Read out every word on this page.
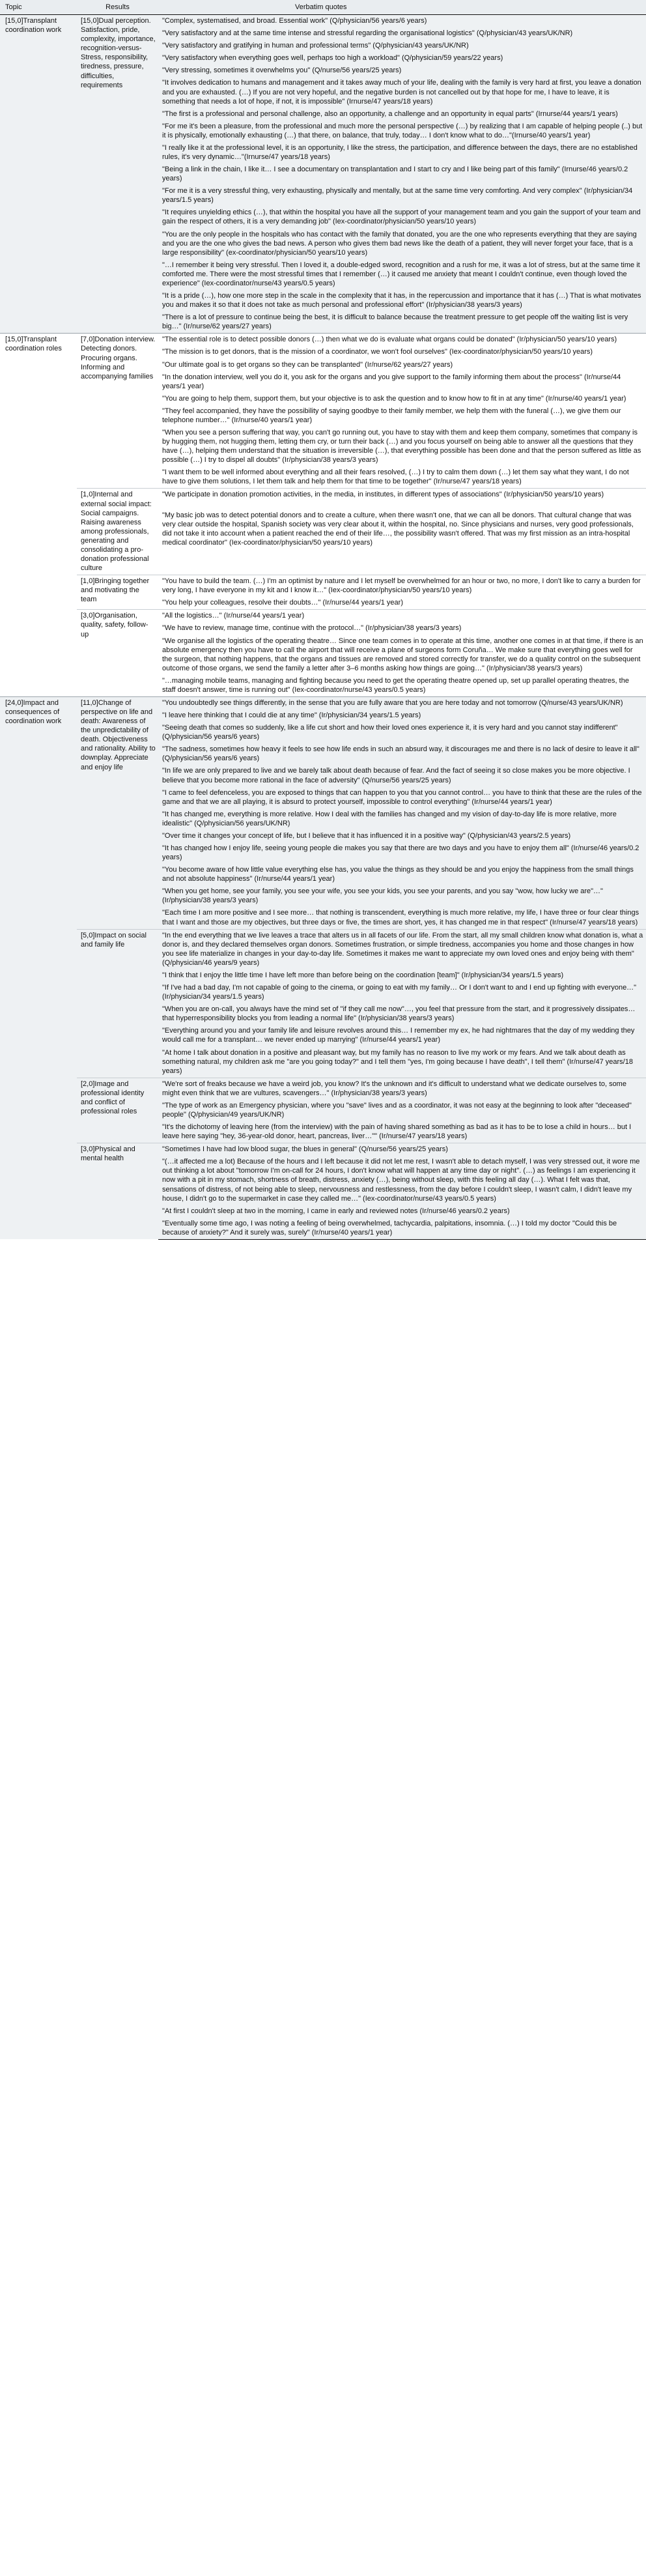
Topic	Results	Verbatim quotes
[15,0]Transplant coordination work	[15,0]Dual perception. Satisfaction, pride, complexity, importance, recognition-versus-Stress, responsibility, tiredness, pressure, difficulties, requirements	"Complex, systematised, and broad. Essential work" (Q/physician/56 years/6 years)
		"Very satisfactory and at the same time intense and stressful regarding the organisational logistics" (Q/physician/43 years/UK/NR)
		"Very satisfactory and gratifying in human and professional terms" (Q/physician/43 years/UK/NR)
		"Very satisfactory when everything goes well, perhaps too high a workload" (Q/physician/59 years/22 years)
		"Very stressing, sometimes it overwhelms you" (Q/nurse/56 years/25 years)
		"It involves dedication to humans and management and it takes away much of your life, dealing with the family is very hard at first, you leave a donation and you are exhausted. (…) If you are not very hopeful, and the negative burden is not cancelled out by that hope for me, I have to leave, it is something that needs a lot of hope, if not, it is impossible" (Irnurse/47 years/18 years)
		"The first is a professional and personal challenge, also an opportunity, a challenge and an opportunity in equal parts" (Irnurse/44 years/1 years)
		"For me it's been a pleasure, from the professional and much more the personal perspective (…) by realizing that I am capable of helping people (..) but it is physically, emotionally exhausting (…) that there, on balance, that truly, today… I don't know what to do…"(Irnurse/40 years/1 year)
		"I really like it at the professional level, it is an opportunity, I like the stress, the participation, and difference between the days, there are no established rules, it's very dynamic…"(Irnurse/47 years/18 years)
		"Being a link in the chain, I like it… I see a documentary on transplantation and I start to cry and I like being part of this family" (Irnurse/46 years/0.2 years)
		"For me it is a very stressful thing, very exhausting, physically and mentally, but at the same time very comforting. And very complex" (Ir/physician/34 years/1.5 years)
		"It requires unyielding ethics (…), that within the hospital you have all the support of your management team and you gain the support of your team and gain the respect of others, it is a very demanding job" (Iex-coordinator/physician/50 years/10 years)
		"You are the only people in the hospitals who has contact with the family that donated, you are the one who represents everything that they are saying and you are the one who gives the bad news. A person who gives them bad news like the death of a patient, they will never forget your face, that is a large responsibility" (ex-coordinator/physician/50 years/10 years)
		"…I remember it being very stressful. Then I loved it, a double-edged sword, recognition and a rush for me, it was a lot of stress, but at the same time it comforted me. There were the most stressful times that I remember (…) it caused me anxiety that meant I couldn't continue, even though loved the experience" (Iex-coordinator/nurse/43 years/0.5 years)
		"It is a pride (…), how one more step in the scale in the complexity that it has, in the repercussion and importance that it has (…) That is what motivates you and makes it so that it does not take as much personal and professional effort" (Ir/physician/38 years/3 years)
		"There is a lot of pressure to continue being the best, it is difficult to balance because the treatment pressure to get people off the waiting list is very big…" (Ir/nurse/62 years/27 years)
[15,0]Transplant coordination roles	[7,0]Donation interview. Detecting donors. Procuring organs. Informing and accompanying families	"The essential role is to detect possible donors (…) then what we do is evaluate what organs could be donated" (Ir/physician/50 years/10 years)
		"The mission is to get donors, that is the mission of a coordinator, we won't fool ourselves" (Iex-coordinator/physician/50 years/10 years)
		"Our ultimate goal is to get organs so they can be transplanted" (Ir/nurse/62 years/27 years)
		"In the donation interview, well you do it, you ask for the organs and you give support to the family informing them about the process" (Ir/nurse/44 years/1 year)
		"You are going to help them, support them, but your objective is to ask the question and to know how to fit in at any time" (Ir/nurse/40 years/1 year)
		"They feel accompanied, they have the possibility of saying goodbye to their family member, we help them with the funeral (…), we give them our telephone number…" (Ir/nurse/40 years/1 year)
		"When you see a person suffering that way, you can't go running out, you have to stay with them and keep them company, sometimes that company is by hugging them, not hugging them, letting them cry, or turn their back (…) and you focus yourself on being able to answer all the questions that they have (…), helping them understand that the situation is irreversible (…), that everything possible has been done and that the person suffered as little as possible (…) I try to dispel all doubts" (Ir/physician/38 years/3 years)
		"I want them to be well informed about everything and all their fears resolved, (…) I try to calm them down (…) let them say what they want, I do not have to give them solutions, I let them talk and help them for that time to be together" (Ir/nurse/47 years/18 years)
	[1,0]Internal and external social impact: Social campaigns. Raising awareness among professionals, generating and consolidating a pro-donation professional culture	"We participate in donation promotion activities, in the media, in institutes, in different types of associations" (Ir/physician/50 years/10 years)
		"My basic job was to detect potential donors and to create a culture, when there wasn't one, that we can all be donors. That cultural change that was very clear outside the hospital, Spanish society was very clear about it, within the hospital, no. Since physicians and nurses, very good professionals, did not take it into account when a patient reached the end of their life…, the possibility wasn't offered. That was my first mission as an intra-hospital medical coordinator" (Iex-coordinator/physician/50 years/10 years)
	[1,0]Bringing together and motivating the team	"You have to build the team. (…) I'm an optimist by nature and I let myself be overwhelmed for an hour or two, no more, I don't like to carry a burden for very long, I have everyone in my kit and I know it…" (Iex-coordinator/physician/50 years/10 years)
		"You help your colleagues, resolve their doubts…" (Ir/nurse/44 years/1 year)
	[3,0]Organisation, quality, safety, follow-up	"All the logistics…" (Ir/nurse/44 years/1 year)
		"We have to review, manage time, continue with the protocol…" (Ir/physician/38 years/3 years)
		"We organise all the logistics of the operating theatre… Since one team comes in to operate at this time, another one comes in at that time, if there is an absolute emergency then you have to call the airport that will receive a plane of surgeons form Coruña… We make sure that everything goes well for the surgeon, that nothing happens, that the organs and tissues are removed and stored correctly for transfer, we do a quality control on the subsequent outcome of those organs, we send the family a letter after 3–6 months asking how things are going…" (Ir/physician/38 years/3 years)
		"…managing mobile teams, managing and fighting because you need to get the operating theatre opened up, set up parallel operating theatres, the staff doesn't answer, time is running out" (Iex-coordinator/nurse/43 years/0.5 years)
[24,0]Impact and consequences of coordination work	[11,0]Change of perspective on life and death: Awareness of the unpredictability of death. Objectiveness and rationality. Ability to downplay. Appreciate and enjoy life	"You undoubtedly see things differently, in the sense that you are fully aware that you are here today and not tomorrow (Q/nurse/43 years/UK/NR)
		"I leave here thinking that I could die at any time" (Ir/physician/34 years/1.5 years)
		"Seeing death that comes so suddenly, like a life cut short and how their loved ones experience it, it is very hard and you cannot stay indifferent" (Q/physician/56 years/6 years)
		"The sadness, sometimes how heavy it feels to see how life ends in such an absurd way, it discourages me and there is no lack of desire to leave it all" (Q/physician/56 years/6 years)
		"In life we are only prepared to live and we barely talk about death because of fear. And the fact of seeing it so close makes you be more objective. I believe that you become more rational in the face of adversity" (Q/nurse/56 years/25 years)
		"I came to feel defenceless, you are exposed to things that can happen to you that you cannot control… you have to think that these are the rules of the game and that we are all playing, it is absurd to protect yourself, impossible to control everything" (Ir/nurse/44 years/1 year)
		"It has changed me, everything is more relative. How I deal with the families has changed and my vision of day-to-day life is more relative, more idealistic" (Q/physician/56 years/UK/NR)
		"Over time it changes your concept of life, but I believe that it has influenced it in a positive way" (Q/physician/43 years/2.5 years)
		"It has changed how I enjoy life, seeing young people die makes you say that there are two days and you have to enjoy them all" (Ir/nurse/46 years/0.2 years)
		"You become aware of how little value everything else has, you value the things as they should be and you enjoy the happiness from the small things and not absolute happiness" (Ir/nurse/44 years/1 year)
		"When you get home, see your family, you see your wife, you see your kids, you see your parents, and you say "wow, how lucky we are"…" (Ir/physician/38 years/3 years)
		"Each time I am more positive and I see more… that nothing is transcendent, everything is much more relative, my life, I have three or four clear things that I want and those are my objectives, but three days or five, the times are short, yes, it has changed me in that respect" (Ir/nurse/47 years/18 years)
	[5,0]Impact on social and family life	"In the end everything that we live leaves a trace that alters us in all facets of our life. From the start, all my small children know what donation is, what a donor is, and they declared themselves organ donors. Sometimes frustration, or simple tiredness, accompanies you home and those changes in how you see life materialize in changes in your day-to-day life. Sometimes it makes me want to appreciate my own loved ones and enjoy being with them" (Q/physician/46 years/9 years)
		"I think that I enjoy the little time I have left more than before being on the coordination [team]" (Ir/physician/34 years/1.5 years)
		"If I've had a bad day, I'm not capable of going to the cinema, or going to eat with my family… Or I don't want to and I end up fighting with everyone…" (Ir/physician/34 years/1.5 years)
		"When you are on-call, you always have the mind set of "if they call me now"…, you feel that pressure from the start, and it progressively dissipates… that hyperresponsibility blocks you from leading a normal life" (Ir/physician/38 years/3 years)
		"Everything around you and your family life and leisure revolves around this… I remember my ex, he had nightmares that the day of my wedding they would call me for a transplant… we never ended up marrying" (Ir/nurse/44 years/1 year)
		"At home I talk about donation in a positive and pleasant way, but my family has no reason to live my work or my fears. And we talk about death as something natural, my children ask me "are you going today?" and I tell them "yes, I'm going because I have death", I tell them" (Ir/nurse/47 years/18 years)
	[2,0]Image and professional identity and conflict of professional roles	"We're sort of freaks because we have a weird job, you know? It's the unknown and it's difficult to understand what we dedicate ourselves to, some might even think that we are vultures, scavengers…" (Ir/physician/38 years/3 years)
		"The type of work as an Emergency physician, where you "save" lives and as a coordinator, it was not easy at the beginning to look after "deceased" people" (Q/physician/49 years/UK/NR)
		"It's the dichotomy of leaving here (from the interview) with the pain of having shared something as bad as it has to be to lose a child in hours… but I leave here saying "hey, 36-year-old donor, heart, pancreas, liver…"" (Ir/nurse/47 years/18 years)
	[3,0]Physical and mental health	"Sometimes I have had low blood sugar, the blues in general" (Q/nurse/56 years/25 years)
		"(…it affected me a lot) Because of the hours and I left because it did not let me rest, I wasn't able to detach myself, I was very stressed out, it wore me out thinking a lot about "tomorrow I'm on-call for 24 hours, I don't know what will happen at any time day or night". (…) as feelings I am experiencing it now with a pit in my stomach, shortness of breath, distress, anxiety (…), being without sleep, with this feeling all day (…). What I felt was that, sensations of distress, of not being able to sleep, nervousness and restlessness, from the day before I couldn't sleep, I wasn't calm, I didn't leave my house, I didn't go to the supermarket in case they called me…" (Iex-coordinator/nurse/43 years/0.5 years)
		"At first I couldn't sleep at two in the morning, I came in early and reviewed notes (Ir/nurse/46 years/0.2 years)
		"Eventually some time ago, I was noting a feeling of being overwhelmed, tachycardia, palpitations, insomnia. (…) I told my doctor "Could this be because of anxiety?" And it surely was, surely" (Ir/nurse/40 years/1 year)
